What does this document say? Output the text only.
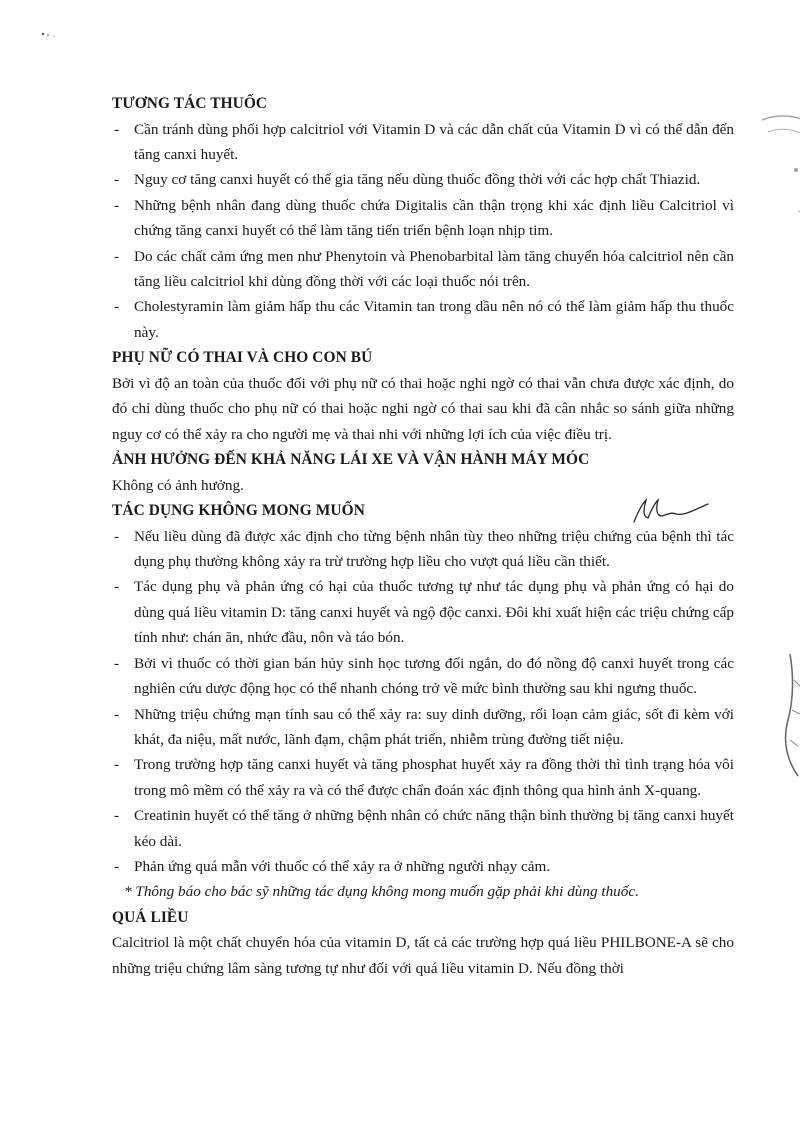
TƯƠNG TÁC THUỐC
- Cần tránh dùng phối hợp calcitriol với Vitamin D và các dẫn chất của Vitamin D vì có thể dẫn đến tăng canxi huyết.
- Nguy cơ tăng canxi huyết có thể gia tăng nếu dùng thuốc đồng thời với các hợp chất Thiazid.
- Những bệnh nhân đang dùng thuốc chứa Digitalis cần thận trọng khi xác định liều Calcitriol vì chứng tăng canxi huyết có thể làm tăng tiến triển bệnh loạn nhịp tim.
- Do các chất cảm ứng men như Phenytoin và Phenobarbital làm tăng chuyển hóa calcitriol nên cần tăng liều calcitriol khi dùng đồng thời với các loại thuốc nói trên.
- Cholestyramin làm giảm hấp thu các Vitamin tan trong dầu nên nó có thể làm giảm hấp thu thuốc này.
PHỤ NỮ CÓ THAI VÀ CHO CON BÚ

Bởi vì độ an toàn của thuốc đối với phụ nữ có thai hoặc nghi ngờ có thai vẫn chưa được xác định, do đó chỉ dùng thuốc cho phụ nữ có thai hoặc nghi ngờ có thai sau khi đã cân nhắc so sánh giữa những nguy cơ có thể xảy ra cho người mẹ và thai nhi với những lợi ích của việc điều trị.

ẢNH HƯỞNG ĐẾN KHẢ NĂNG LÁI XE VÀ VẬN HÀNH MÁY MÓC

Không có ảnh hưởng.

TÁC DỤNG KHÔNG MONG MUỐN
- Nếu liều dùng đã được xác định cho từng bệnh nhân tùy theo những triệu chứng của bệnh thì tác dụng phụ thường không xảy ra trừ trường hợp liều cho vượt quá liều cần thiết.
- Tác dụng phụ và phản ứng có hại của thuốc tương tự như tác dụng phụ và phản ứng có hại do dùng quá liều vitamin D: tăng canxi huyết và ngộ độc canxi. Đôi khi xuất hiện các triệu chứng cấp tính như: chán ăn, nhức đầu, nôn và táo bón.
- Bởi vì thuốc có thời gian bán hủy sinh học tương đối ngắn, do đó nồng độ canxi huyết trong các nghiên cứu dược động học có thể nhanh chóng trở về mức bình thường sau khi ngưng thuốc.
- Những triệu chứng mạn tính sau có thể xảy ra: suy dinh dưỡng, rối loạn cảm giác, sốt đi kèm với khát, đa niệu, mất nước, lãnh đạm, chậm phát triển, nhiễm trùng đường tiết niệu.
- Trong trường hợp tăng canxi huyết và tăng phosphat huyết xảy ra đồng thời thì tình trạng hóa vôi trong mô mềm có thể xảy ra và có thể được chẩn đoán xác định thông qua hình ảnh X-quang.
- Creatinin huyết có thể tăng ở những bệnh nhân có chức năng thận bình thường bị tăng canxi huyết kéo dài.
- Phản ứng quá mẫn với thuốc có thể xảy ra ở những người nhạy cảm.

* Thông báo cho bác sỹ những tác dụng không mong muốn gặp phải khi dùng thuốc.

QUÁ LIỀU

Calcitriol là một chất chuyển hóa của vitamin D, tất cả các trường hợp quá liều PHILBONE-A sẽ cho những triệu chứng lâm sàng tương tự như đối với quá liều vitamin D. Nếu đồng thời
